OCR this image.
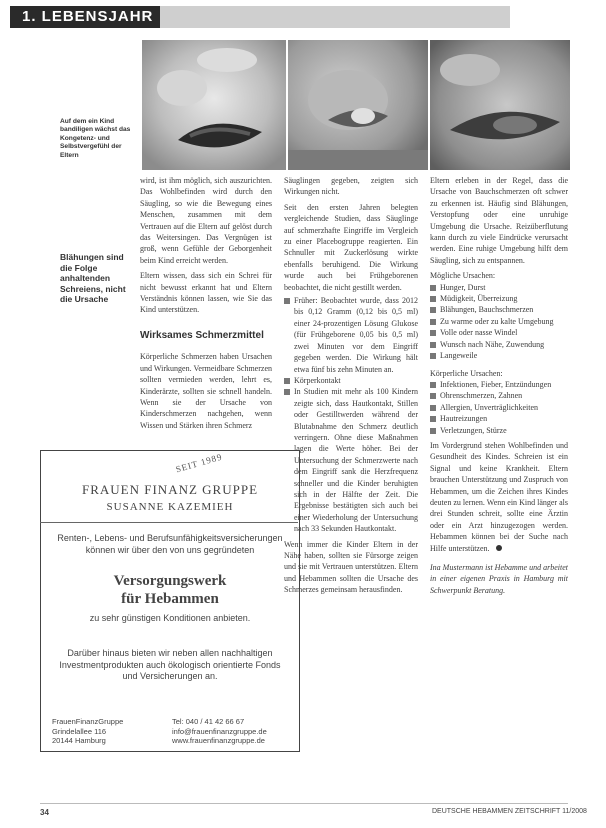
1. LEBENSJAHR
Auf dem ein Kind bandiligen wächst das Kongetenz- und Selbstvergefühl der Eltern
Blähungen sind die Folge anhaltenden Schreiens, nicht die Ursache

wird, ist ihm möglich, sich auszurichten. Das Wohlbefinden wird durch den Säugling, so wie die Bewegung eines Menschen, zusammen mit dem Vertrauen auf die Eltern auf gelöst durch das Weitersingen. Das Vergnügen ist groß, wenn Gefühle der Geborgenheit beim Kind erreicht werden.

Eltern wissen, dass sich ein Schrei für nicht bewusst erkannt hat und Eltern Verständnis können lassen, wie Sie das Kind unterstützen.

Wirksames Schmerzmittel

Körperliche Schmerzen haben Ursachen und Wirkungen. Vermeidbare Schmerzen sollten vermieden werden, lehrt es, Kinderärzte, sollten sie schnell handeln. Wenn sie der Ursache von Kinderschmerzen nachgehen, wenn Wissen und Stärken ihren Schmerz

Säuglingen gegeben, zeigten sich Wirkungen nicht.

Seit den ersten Jahren belegten vergleichende Studien, dass Säuglinge auf schmerzhafte Eingriffe im Vergleich zu einer Placebogruppe reagierten. Ein Schnuller mit Zuckerlösung wirkte ebenfalls beruhigend. Die Wirkung wurde auch bei Frühgeborenen beobachtet, die nicht gestillt werden.

Früher: Beobachtet wurde, dass 2012 bis 0,12 Gramm (0,12 bis 0,5 ml) einer 24-prozentigen Lösung Glukose (für Frühgeborene 0,05 bis 0,5 ml) zwei Minuten vor dem Eingriff gegeben werden. Die Wirkung hält etwa fünf bis zehn Minuten an.
Körperkontakt
In Studien mit mehr als 100 Kindern zeigte sich, dass Hautkontakt, Stillen oder Gestilltwerden während der Blutabnahme den Schmerz deutlich verringern. Ohne diese Maßnahmen lagen die Werte höher. Bei der Untersuchung der Schmerzwerte nach dem Eingriff sank die Herzfrequenz schneller und die Kinder beruhigten sich in der Hälfte der Zeit. Die Ergebnisse bestätigten sich auch bei einer Wiederholung der Untersuchung nach 33 Sekunden Hautkontakt.

Wenn immer die Kinder Eltern in der Nähe haben, sollten sie Fürsorge zeigen und sie mit Vertrauen unterstützen. Eltern und Hebammen sollten die Ursache des Schmerzes gemeinsam herausfinden.

Eltern erleben in der Regel, dass die Ursache von Bauchschmerzen oft schwer zu erkennen ist. Häufig sind Blähungen, Verstopfung oder eine unruhige Umgebung die Ursache. Reizüberflutung kann durch zu viele Eindrücke verursacht werden. Eine ruhige Umgebung hilft dem Säugling, sich zu entspannen.

Mögliche Ursachen:
Hunger, Durst
Müdigkeit, Überreizung
Blähungen, Bauchschmerzen
Zu warme oder zu kalte Umgebung
Volle oder nasse Windel
Wunsch nach Nähe, Zuwendung
Langeweile
Körperliche Ursachen:
Infektionen, Fieber, Entzündungen
Ohrenschmerzen, Zahnen
Allergien, Unverträglichkeiten
Hautreizungen
Verletzungen, Stürze

Im Vordergrund stehen Wohlbefinden und Gesundheit des Kindes. Schreien ist ein Signal und keine Krankheit. Eltern brauchen Unterstützung und Zuspruch von Hebammen, um die Zeichen ihres Kindes deuten zu lernen. Wenn ein Kind länger als drei Stunden schreit, sollte eine Ärztin oder ein Arzt hinzugezogen werden. Hebammen können bei der Suche nach Hilfe unterstützen.

Ina Mustermann ist Hebamme und arbeitet in einer eigenen Praxis in Hamburg mit Schwerpunkt Beratung.

SEIT 1989
FRAUEN FINANZ GRUPPE
SUSANNE KAZEMIEH
Renten-, Lebens- und Berufsunfähigkeitsversicherungen können wir über den von uns gegründeten
Versorgungswerk
für Hebammen
zu sehr günstigen Konditionen anbieten.
Darüber hinaus bieten wir neben allen nachhaltigen Investmentprodukten auch ökologisch orientierte Fonds und Versicherungen an.
FrauenFinanzGruppe
Grindelallee 116
20144 Hamburg
Tel: 040 / 41 42 66 67
info@frauenfinanzgruppe.de
www.frauenfinanzgruppe.de
34	DEUTSCHE HEBAMMEN ZEITSCHRIFT 11/2008
